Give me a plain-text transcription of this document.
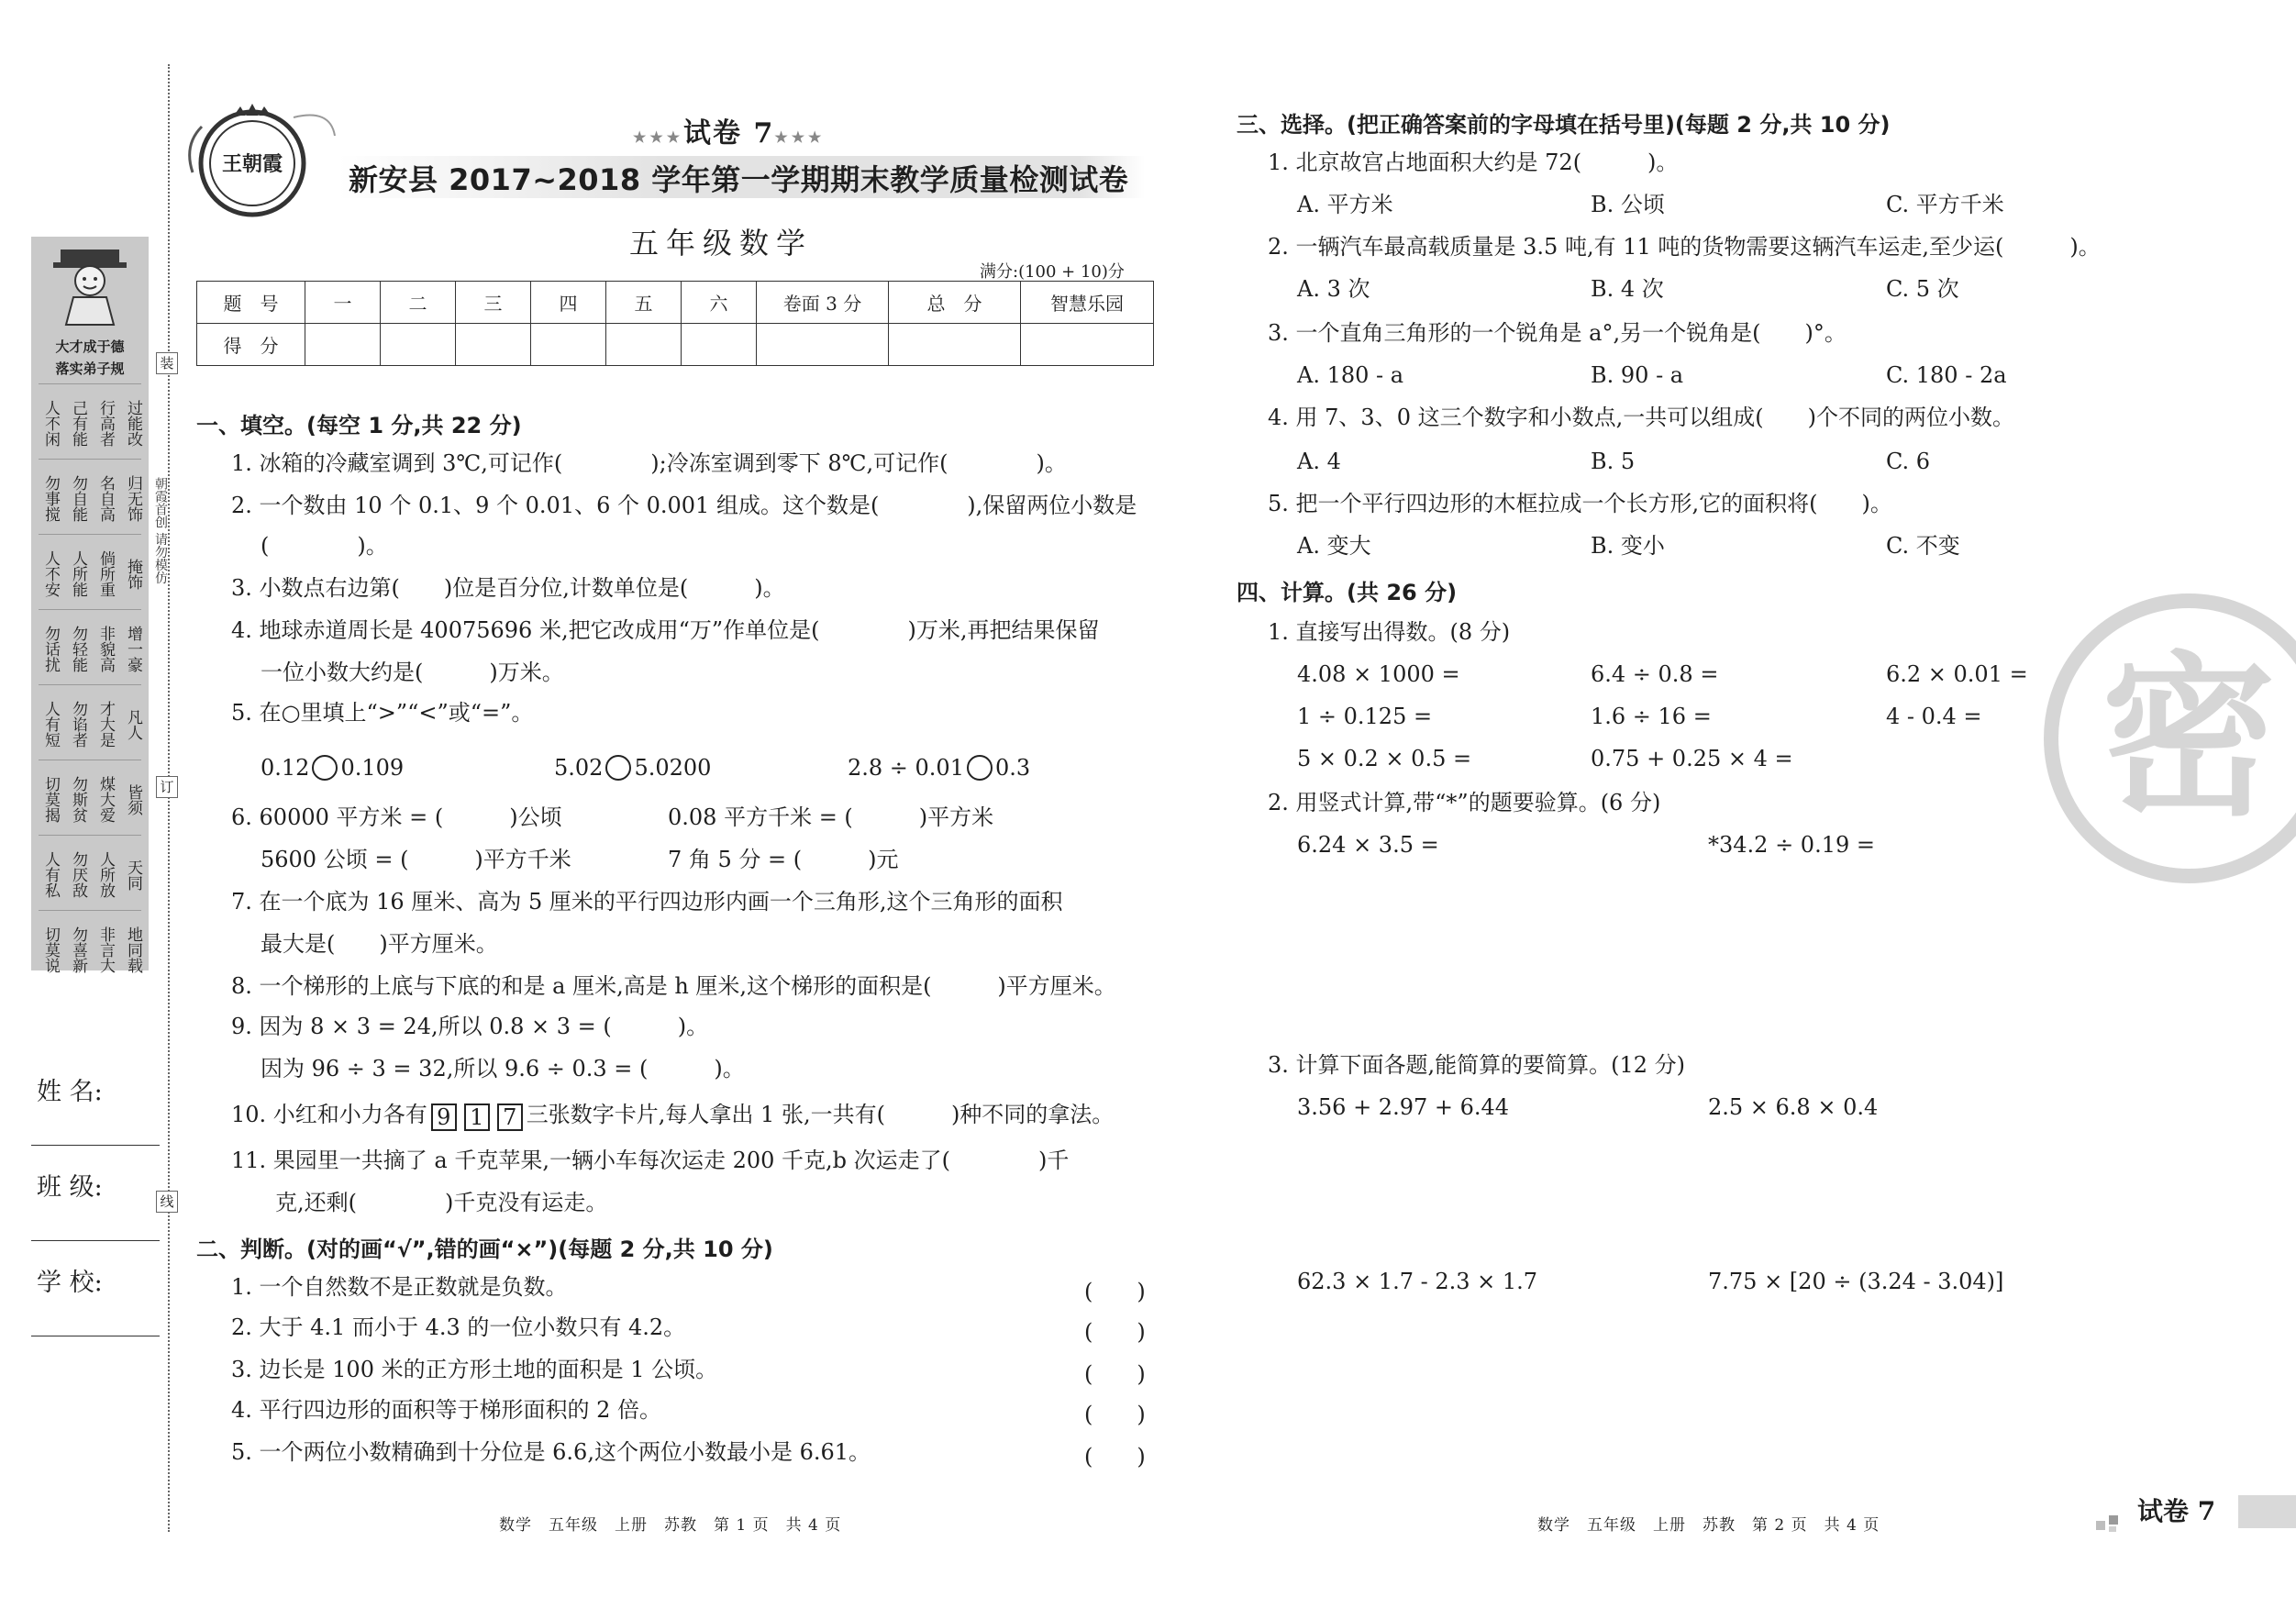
大才成于德
落实弟子规
人不闲 己有能 行高者 过能改
勿事搅 勿自能 名自高 归无饰
人不安 人所能 倘所重 掩饰
勿话扰 勿轻能 非貌高 增一豪
人有短 勿谄者 才大是 凡人
切莫揭 勿斯贫 煤大爱 皆须
人有私 勿厌敌 人所放 天同
切莫说 勿喜新 非言大 地同载
姓 名:
班 级:
学 校:
装
订
线
朝霞首创 请勿模仿
王朝霞
★★★试卷 7★★★
新安县 2017~2018 学年第一学期期末教学质量检测试卷
五年级数学
满分:(100 + 10)分
题　号	一	二	三	四	五	六	卷面 3 分	总　分	智慧乐园
得　分									
一、填空。(每空 1 分,共 22 分)
1. 冰箱的冷藏室调到 3℃,可记作(　　　　);冷冻室调到零下 8℃,可记作(　　　　)。
2. 一个数由 10 个 0.1、9 个 0.01、6 个 0.001 组成。这个数是(　　　　),保留两位小数是
(　　　　)。
3. 小数点右边第(　　)位是百分位,计数单位是(　　　)。
4. 地球赤道周长是 40075696 米,把它改成用“万”作单位是(　　　　)万米,再把结果保留
一位小数大约是(　　　)万米。
5. 在○里填上“>”“<”或“=”。
0.12 0.109	5.02 5.0200	2.8 ÷ 0.01 0.3
6. 60000 平方米 = (　　　)公顷	0.08 平方千米 = (　　　)平方米
5600 公顷 = (　　　)平方千米	7 角 5 分 = (　　　)元
7. 在一个底为 16 厘米、高为 5 厘米的平行四边形内画一个三角形,这个三角形的面积
最大是(　　)平方厘米。
8. 一个梯形的上底与下底的和是 a 厘米,高是 h 厘米,这个梯形的面积是(　　　)平方厘米。
9. 因为 8 × 3 = 24,所以 0.8 × 3 = (　　　)。
因为 96 ÷ 3 = 32,所以 9.6 ÷ 0.3 = (　　　)。
10. 小红和小力各有 9 1 7 三张数字卡片,每人拿出 1 张,一共有(　　　)种不同的拿法。
11. 果园里一共摘了 a 千克苹果,一辆小车每次运走 200 千克,b 次运走了(　　　　)千
克,还剩(　　　　)千克没有运走。
二、判断。(对的画“√”,错的画“×”)(每题 2 分,共 10 分)
1. 一个自然数不是正数就是负数。	(　　)
2. 大于 4.1 而小于 4.3 的一位小数只有 4.2。	(　　)
3. 边长是 100 米的正方形土地的面积是 1 公顷。	(　　)
4. 平行四边形的面积等于梯形面积的 2 倍。	(　　)
5. 一个两位小数精确到十分位是 6.6,这个两位小数最小是 6.61。	(　　)
数学　五年级　上册　苏教　第 1 页　共 4 页
三、选择。(把正确答案前的字母填在括号里)(每题 2 分,共 10 分)
1. 北京故宫占地面积大约是 72(　　　)。
A. 平方米	B. 公顷	C. 平方千米
2. 一辆汽车最高载质量是 3.5 吨,有 11 吨的货物需要这辆汽车运走,至少运(　　　)。
A. 3 次	B. 4 次	C. 5 次
3. 一个直角三角形的一个锐角是 a°,另一个锐角是(　　)°。
A. 180 - a	B. 90 - a	C. 180 - 2a
4. 用 7、3、0 这三个数字和小数点,一共可以组成(　　)个不同的两位小数。
A. 4	B. 5	C. 6
5. 把一个平行四边形的木框拉成一个长方形,它的面积将(　　)。
A. 变大	B. 变小	C. 不变
四、计算。(共 26 分)
1. 直接写出得数。(8 分)
4.08 × 1000 =	6.4 ÷ 0.8 =	6.2 × 0.01 =
1 ÷ 0.125 =	1.6 ÷ 16 =	4 - 0.4 =
5 × 0.2 × 0.5 =	0.75 + 0.25 × 4 =
2. 用竖式计算,带“*”的题要验算。(6 分)
6.24 × 3.5 =	*34.2 ÷ 0.19 =
3. 计算下面各题,能简算的要简算。(12 分)
3.56 + 2.97 + 6.44	2.5 × 6.8 × 0.4
62.3 × 1.7 - 2.3 × 1.7	7.75 × [20 ÷ (3.24 - 3.04)]
密
数学　五年级　上册　苏教　第 2 页　共 4 页	试卷 7
